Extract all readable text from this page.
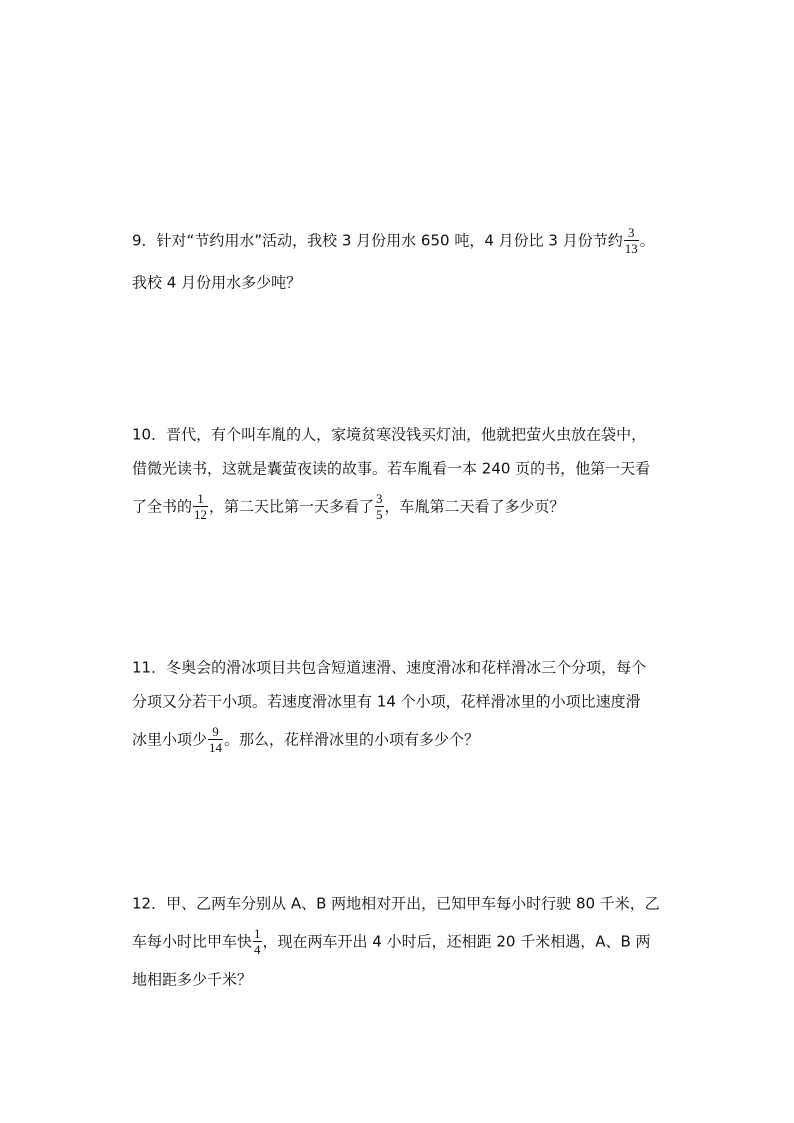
9．针对“节约用水”活动，我校 3 月份用水 650 吨，4 月份比 3 月份节约 $\frac{3}{13}$ 。
我校 4 月份用水多少吨？
10．晋代，有个叫车胤的人，家境贫寒没钱买灯油，他就把萤火虫放在袋中，
借微光读书，这就是囊萤夜读的故事。若车胤看一本 240 页的书，他第一天看
了全书的 $\frac{1}{12}$ ，第二天比第一天多看了 $\frac{3}{5}$ ，车胤第二天看了多少页？
11．冬奥会的滑冰项目共包含短道速滑、速度滑冰和花样滑冰三个分项，每个
分项又分若干小项。若速度滑冰里有 14 个小项，花样滑冰里的小项比速度滑
冰里小项少 $\frac{9}{14}$ 。那么，花样滑冰里的小项有多少个？
12．甲、乙两车分别从 A、B 两地相对开出，已知甲车每小时行驶 80 千米，乙
车每小时比甲车快 $\frac{1}{4}$ ，现在两车开出 4 小时后，还相距 20 千米相遇，A、B 两
地相距多少千米？
